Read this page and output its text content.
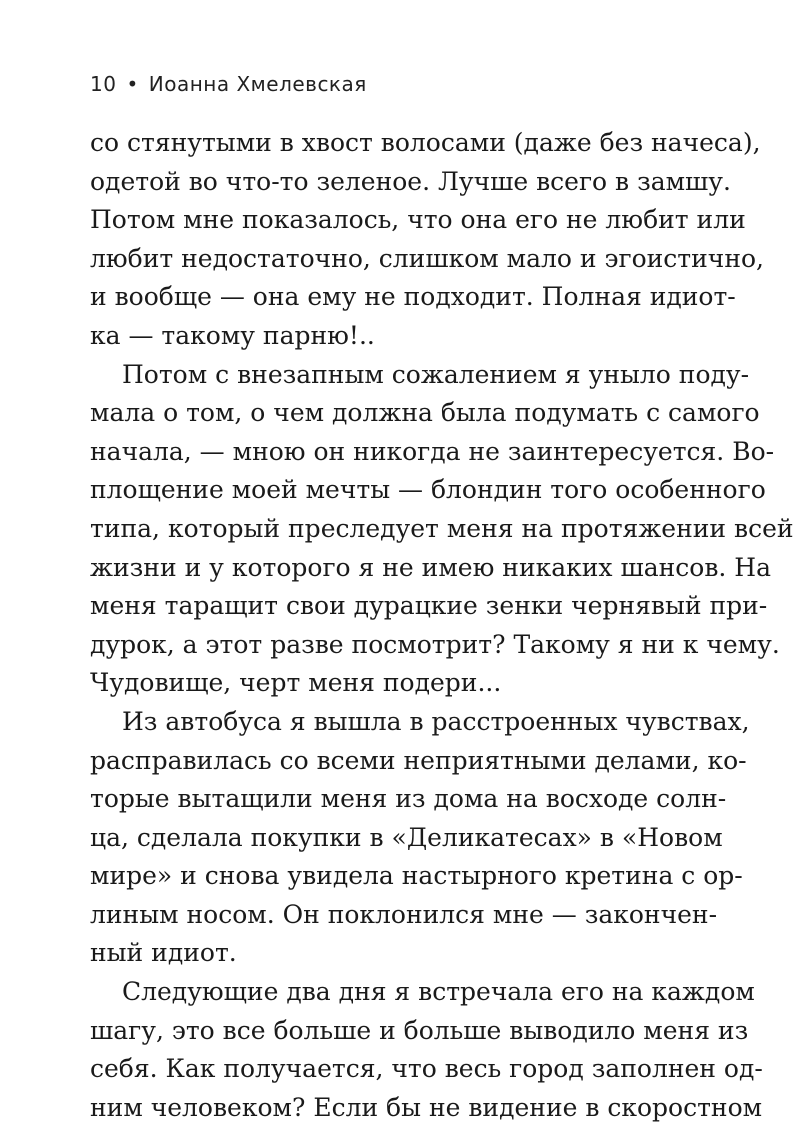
10 • Иоанна Хмелевская
со стянутыми в хвост волосами (даже без начеса),
одетой во что-то зеленое. Лучше всего в замшу.
Потом мне показалось, что она его не любит или
любит недостаточно, слишком мало и эгоистично,
и вообще — она ему не подходит. Полная идиот-
ка — такому парню!..
Потом с внезапным сожалением я уныло поду-
мала о том, о чем должна была подумать с самого
начала, — мною он никогда не заинтересуется. Во-
площение моей мечты — блондин того особенного
типа, который преследует меня на протяжении всей
жизни и у которого я не имею никаких шансов. На
меня таращит свои дурацкие зенки чернявый при-
дурок, а этот разве посмотрит? Такому я ни к чему.
Чудовище, черт меня подери...
Из автобуса я вышла в расстроенных чувствах,
расправилась со всеми неприятными делами, ко-
торые вытащили меня из дома на восходе солн-
ца, сделала покупки в «Деликатесах» в «Новом
мире» и снова увидела настырного кретина с ор-
линым носом. Он поклонился мне — закончен-
ный идиот.
Следующие два дня я встречала его на каждом
шагу, это все больше и больше выводило меня из
себя. Как получается, что весь город заполнен од-
ним человеком? Если бы не видение в скоростном
